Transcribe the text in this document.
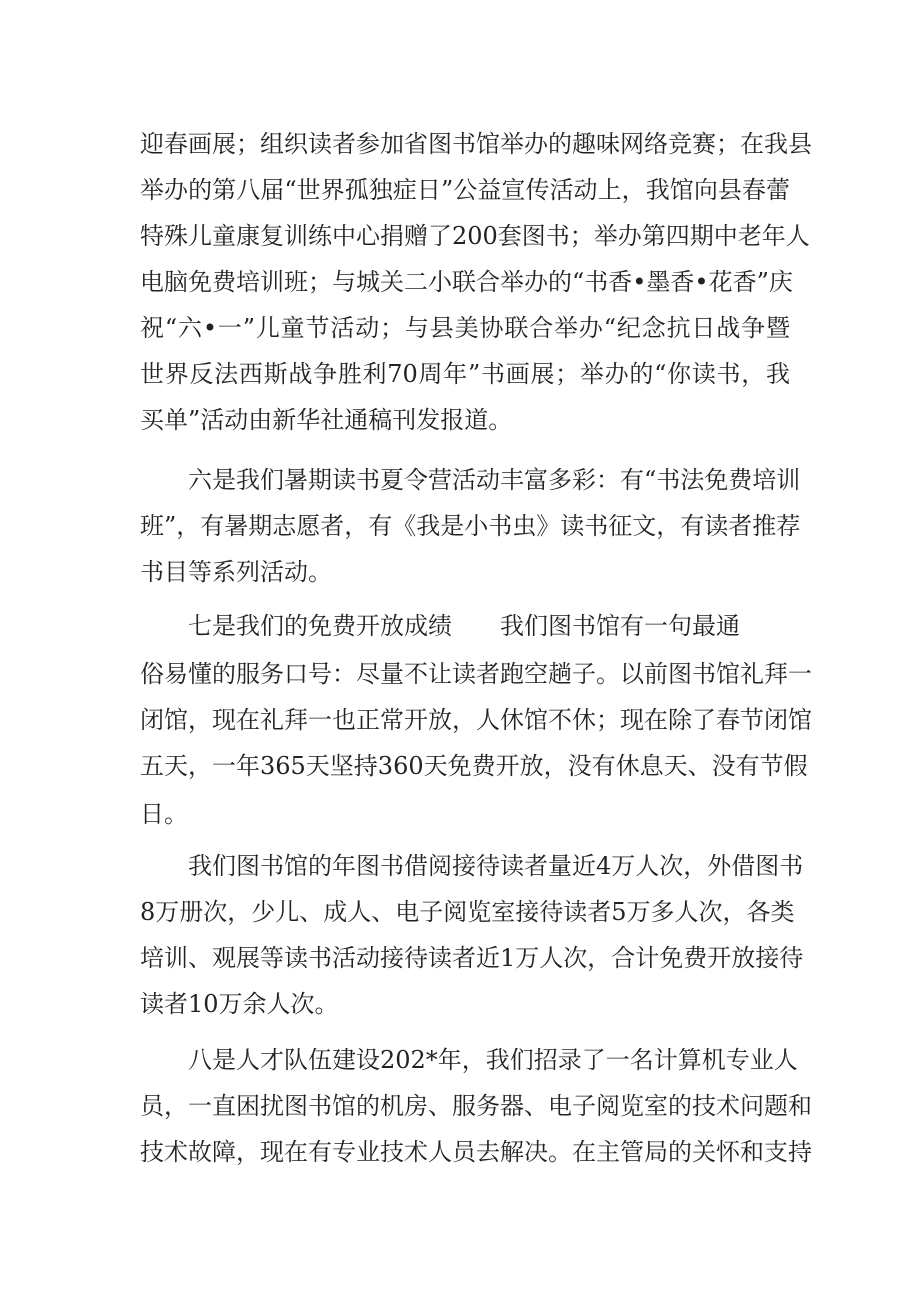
迎春画展；组织读者参加省图书馆举办的趣味网络竞赛；在我县
举办的第八届“世界孤独症日”公益宣传活动上，我馆向县春蕾
特殊儿童康复训练中心捐赠了200套图书；举办第四期中老年人
电脑免费培训班；与城关二小联合举办的“书香•墨香•花香”庆
祝“六•一”儿童节活动；与县美协联合举办“纪念抗日战争暨
世界反法西斯战争胜利70周年”书画展；举办的“你读书，我
买单”活动由新华社通稿刊发报道。
六是我们暑期读书夏令营活动丰富多彩：有“书法免费培训
班”，有暑期志愿者，有《我是小书虫》读书征文，有读者推荐
书目等系列活动。
七是我们的免费开放成绩 我们图书馆有一句最通
俗易懂的服务口号：尽量不让读者跑空趟子。以前图书馆礼拜一
闭馆，现在礼拜一也正常开放，人休馆不休；现在除了春节闭馆
五天，一年365天坚持360天免费开放，没有休息天、没有节假
日。
我们图书馆的年图书借阅接待读者量近4万人次，外借图书
8万册次，少儿、成人、电子阅览室接待读者5万多人次，各类
培训、观展等读书活动接待读者近1万人次，合计免费开放接待
读者10万余人次。
八是人才队伍建设202*年，我们招录了一名计算机专业人
员，一直困扰图书馆的机房、服务器、电子阅览室的技术问题和
技术故障，现在有专业技术人员去解决。在主管局的关怀和支持
